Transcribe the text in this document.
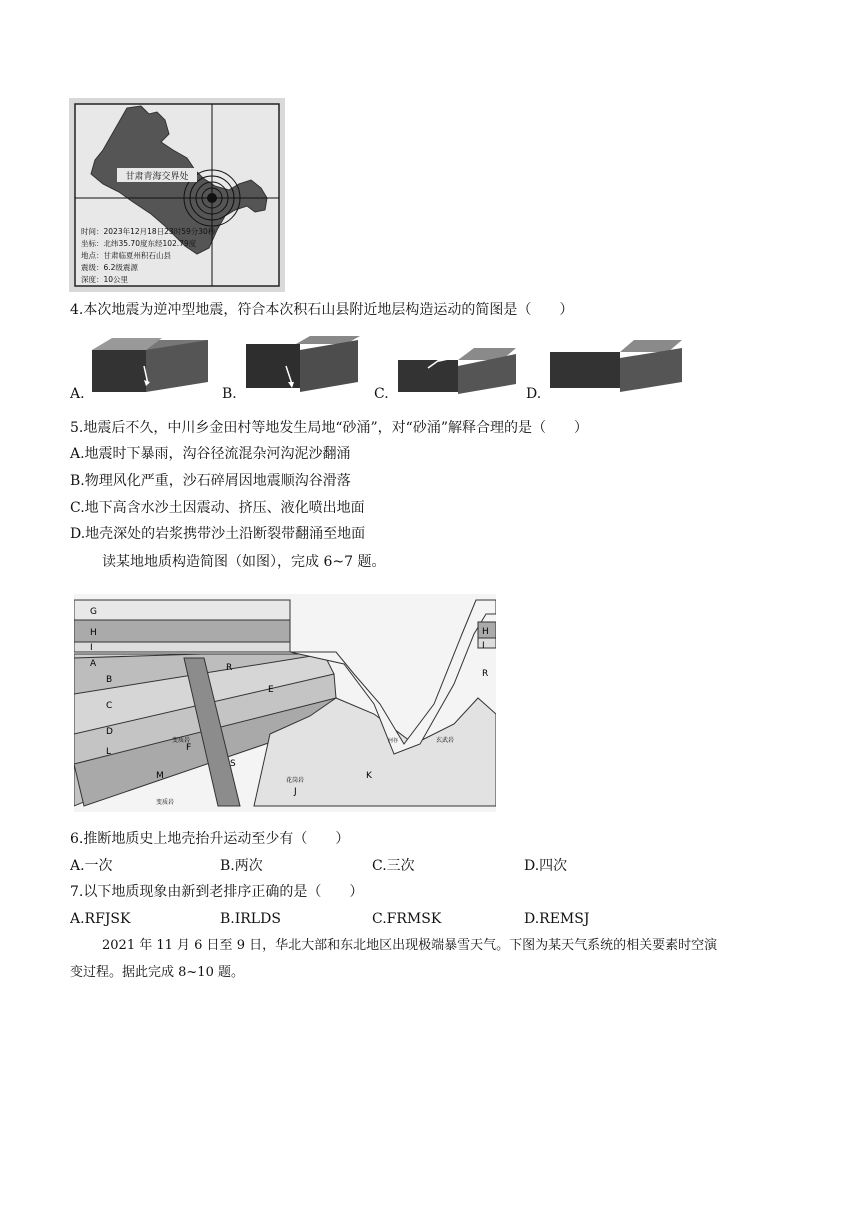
甘肃青海交界处
时间：2023年12月18日23时59分30秒
坐标：北纬35.70度东经102.79度
地点：甘肃临夏州积石山县
震级：6.2级震源
深度：10公里
4.本次地震为逆冲型地震，符合本次积石山县附近地层构造运动的简图是（　　）
A.	B.	C.	D.
5.地震后不久，中川乡金田村等地发生局地“砂涌”，对“砂涌”解释合理的是（　　）
A.地震时下暴雨，沟谷径流混杂河沟泥沙翻涌
B.物理风化严重，沙石碎屑因地震顺沟谷滑落
C.地下高含水沙土因震动、挤压、液化喷出地面
D.地壳深处的岩浆携带沙土沿断裂带翻涌至地面
读某地地质构造简图（如图），完成 6~7 题。
G
H
I
A
B
C
D
L
H
I
R
R
E
F
M
S
J
K
变质岩
花岗岩
变质岩	河谷	玄武岩
6.推断地质史上地壳抬升运动至少有（　　）
A.一次	B.两次	C.三次	D.四次
7.以下地质现象由新到老排序正确的是（　　）
A.RFJSK	B.IRLDS	C.FRMSK	D.REMSJ
2021 年 11 月 6 日至 9 日，华北大部和东北地区出现极端暴雪天气。下图为某天气系统的相关要素时空演
变过程。据此完成 8~10 题。
